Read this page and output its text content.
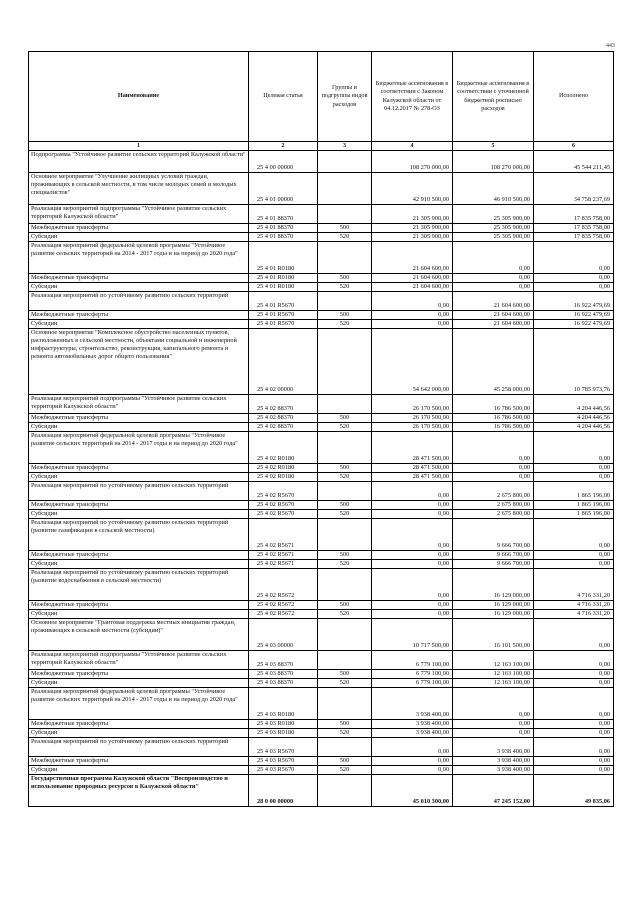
443
Наименование	Целевая статья	Группы и подгруппы видов расходов	Бюджетные ассигнования в соответствии с Законом Калужской области от 04.12.2017 № 278-ОЗ	Бюджетные ассигнования в соответствии с уточненной бюджетной росписью расходов	Исполнено
1	2	3	4	5	6
Подпрограмма "Устойчивое развитие сельских территорий Калужской области"	25 4 00 00000		108 270 000,00	108 270 000,00	45 544 211,45
Основное мероприятие "Улучшение жилищных условий граждан, проживающих в сельской местности, в том числе молодых семей и молодых специалистов"	25 4 01 00000		42 910 500,00	46 910 500,00	34 758 237,69
Реализация мероприятий подпрограммы "Устойчивое развитие сельских территорий Калужской области"	25 4 01 88370		21 305 900,00	25 305 900,00	17 835 758,00
Межбюджетные трансферты	25 4 01 88370	500	21 305 900,00	25 305 900,00	17 835 758,00
Субсидии	25 4 01 88370	520	21 305 900,00	25 305 900,00	17 835 758,00
Реализация мероприятий федеральной целевой программы "Устойчивое развитие сельских территорий на 2014 - 2017 годы и на период до 2020 года"	25 4 01 R0180		21 604 600,00	0,00	0,00
Межбюджетные трансферты	25 4 01 R0180	500	21 604 600,00	0,00	0,00
Субсидии	25 4 01 R0180	520	21 604 600,00	0,00	0,00
Реализация мероприятий по устойчивому развитию сельских территорий	25 4 01 R5670		0,00	21 604 600,00	16 922 479,69
Межбюджетные трансферты	25 4 01 R5670	500	0,00	21 604 600,00	16 922 479,69
Субсидии	25 4 01 R5670	520	0,00	21 604 600,00	16 922 479,69
Основное мероприятие "Комплексное обустройство населенных пунктов, расположенных в сельской местности, объектами социальной и инженерной инфраструктуры, строительство, реконструкция, капитального ремонта и ремонта автомобильных дорог общего пользования"	25 4 02 00000		54 642 000,00	45 258 000,00	10 785 973,76
Реализация мероприятий подпрограммы "Устойчивое развитие сельских территорий Калужской области"	25 4 02 88370		26 170 500,00	16 786 500,00	4 204 446,56
Межбюджетные трансферты	25 4 02 88370	500	26 170 500,00	16 786 500,00	4 204 446,56
Субсидии	25 4 02 88370	520	26 170 500,00	16 786 500,00	4 204 446,56
Реализация мероприятий федеральной целевой программы "Устойчивое развитие сельских территорий на 2014 - 2017 годы и на период до 2020 года"	25 4 02 R0180		28 471 500,00	0,00	0,00
Межбюджетные трансферты	25 4 02 R0180	500	28 471 500,00	0,00	0,00
Субсидии	25 4 02 R0180	520	28 471 500,00	0,00	0,00
Реализация мероприятий по устойчивому развитию сельских территорий	25 4 02 R5670		0,00	2 675 800,00	1 865 196,00
Межбюджетные трансферты	25 4 02 R5670	500	0,00	2 675 800,00	1 865 196,00
Субсидии	25 4 02 R5670	520	0,00	2 675 800,00	1 865 196,00
Реализация мероприятий по устойчивому развитию сельских территорий (развитие газификации в сельской местности)	25 4 02 R5671		0,00	9 666 700,00	0,00
Межбюджетные трансферты	25 4 02 R5671	500	0,00	9 666 700,00	0,00
Субсидии	25 4 02 R5671	520	0,00	9 666 700,00	0,00
Реализация мероприятий по устойчивому развитию сельских территорий (развитие водоснабжения в сельской местности)	25 4 02 R5672		0,00	16 129 000,00	4 716 331,20
Межбюджетные трансферты	25 4 02 R5672	500	0,00	16 129 000,00	4 716 331,20
Субсидии	25 4 02 R5672	520	0,00	16 129 000,00	4 716 331,20
Основное мероприятие "Грантовая поддержка местных инициатив граждан, проживающих в сельской местности (субсидии)"	25 4 03 00000		10 717 500,00	16 101 500,00	0,00
Реализация мероприятий подпрограммы "Устойчивое развитие сельских территорий Калужской области"	25 4 03 88370		6 779 100,00	12 163 100,00	0,00
Межбюджетные трансферты	25 4 03 88370	500	6 779 100,00	12 163 100,00	0,00
Субсидии	25 4 03 88370	520	6 779 100,00	12 163 100,00	0,00
Реализация мероприятий федеральной целевой программы "Устойчивое развитие сельских территорий на 2014 - 2017 годы и на период до 2020 года"	25 4 03 R0180		3 938 400,00	0,00	0,00
Межбюджетные трансферты	25 4 03 R0180	500	3 938 400,00	0,00	0,00
Субсидии	25 4 03 R0180	520	3 938 400,00	0,00	0,00
Реализация мероприятий по устойчивому развитию сельских территорий	25 4 03 R5670		0,00	3 938 400,00	0,00
Межбюджетные трансферты	25 4 03 R5670	500	0,00	3 938 400,00	0,00
Субсидии	25 4 03 R5670	520	0,00	3 938 400,00	0,00
Государственная программа Калужской области "Воспроизводство и использование природных ресурсов в Калужской области"	28 0 00 00000		45 010 300,00	47 245 152,00	49 835,06
